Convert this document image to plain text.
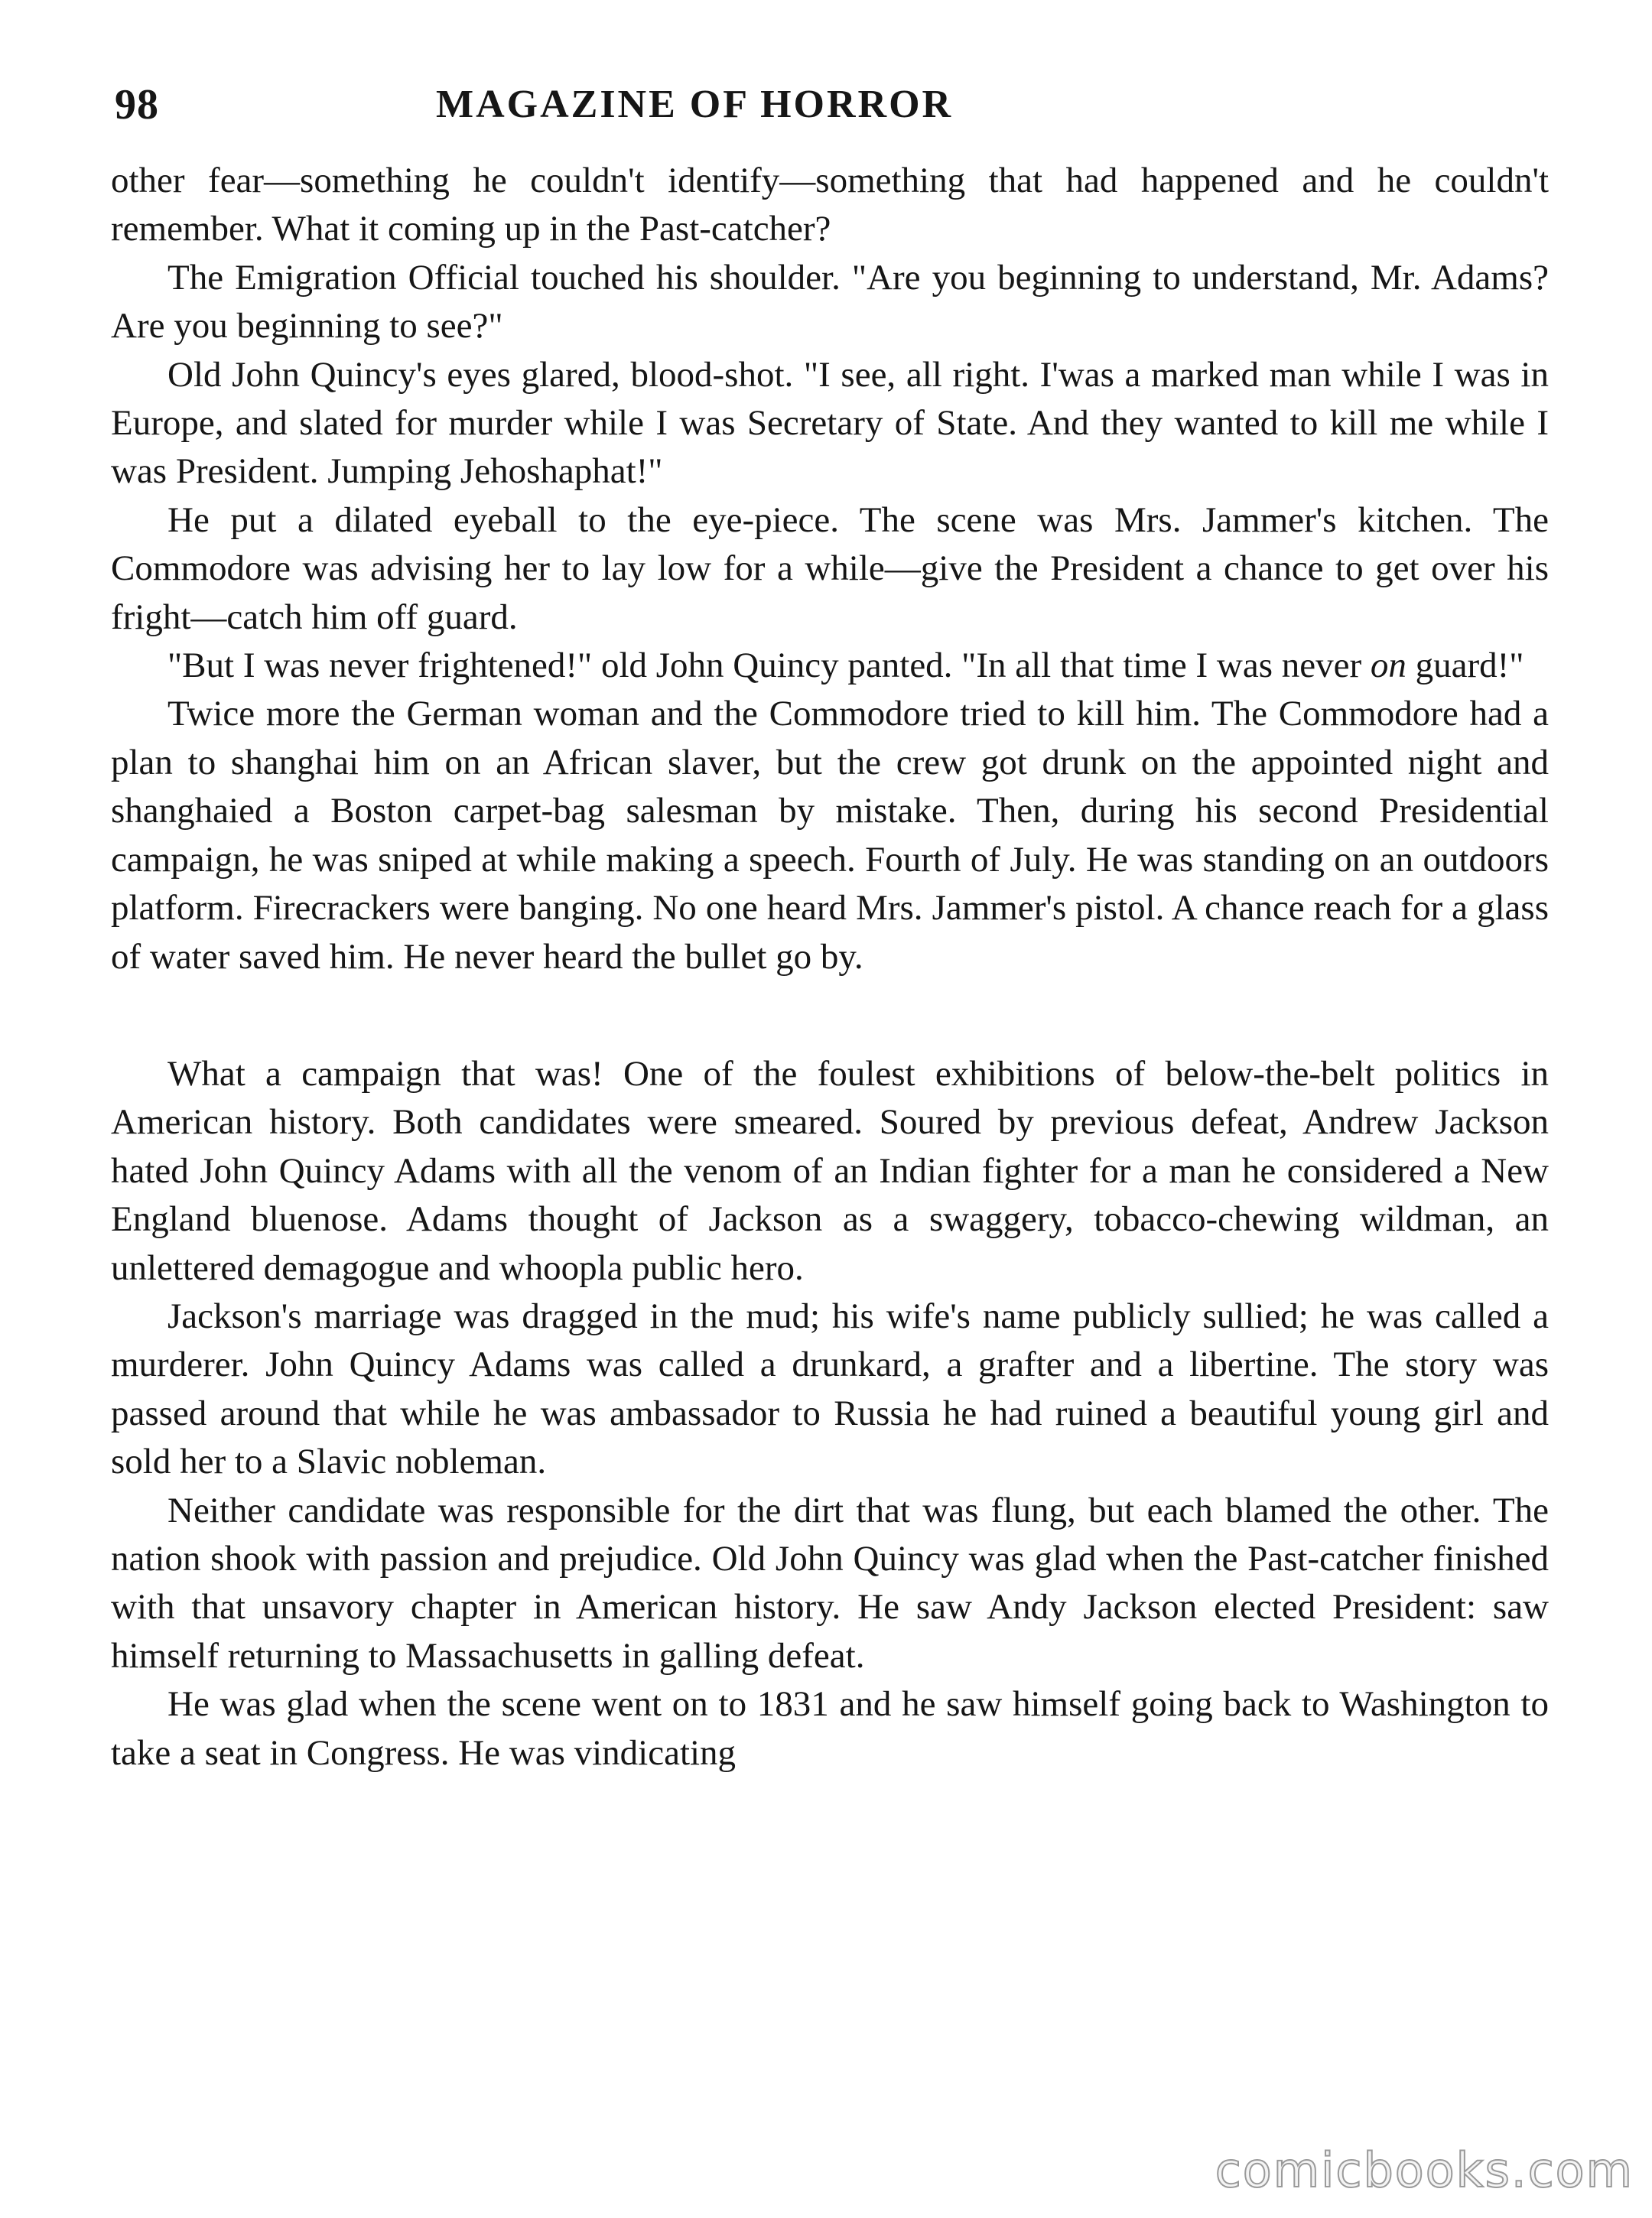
98	MAGAZINE OF HORROR

other fear—something he couldn't identify—something that had happened and he couldn't remember. What it coming up in the Past-catcher?

The Emigration Official touched his shoulder. "Are you beginning to understand, Mr. Adams? Are you beginning to see?"

Old John Quincy's eyes glared, blood-shot. "I see, all right. I'was a marked man while I was in Europe, and slated for murder while I was Secretary of State. And they wanted to kill me while I was President. Jumping Jehoshaphat!"

He put a dilated eyeball to the eye-piece. The scene was Mrs. Jammer's kitchen. The Commodore was advising her to lay low for a while—give the President a chance to get over his fright—catch him off guard.

"But I was never frightened!" old John Quincy panted. "In all that time I was never on guard!"

Twice more the German woman and the Commodore tried to kill him. The Commodore had a plan to shanghai him on an African slaver, but the crew got drunk on the appointed night and shanghaied a Boston carpet-bag salesman by mistake. Then, during his second Presidential campaign, he was sniped at while making a speech. Fourth of July. He was standing on an outdoors platform. Firecrackers were banging. No one heard Mrs. Jammer's pistol. A chance reach for a glass of water saved him. He never heard the bullet go by.

What a campaign that was! One of the foulest exhibitions of below-the-belt politics in American history. Both candidates were smeared. Soured by previous defeat, Andrew Jackson hated John Quincy Adams with all the venom of an Indian fighter for a man he considered a New England bluenose. Adams thought of Jackson as a swaggery, tobacco-chewing wildman, an unlettered demagogue and whoopla public hero.

Jackson's marriage was dragged in the mud; his wife's name publicly sullied; he was called a murderer. John Quincy Adams was called a drunkard, a grafter and a libertine. The story was passed around that while he was ambassador to Russia he had ruined a beautiful young girl and sold her to a Slavic nobleman.

Neither candidate was responsible for the dirt that was flung, but each blamed the other. The nation shook with passion and prejudice. Old John Quincy was glad when the Past-catcher finished with that unsavory chapter in American history. He saw Andy Jackson elected President: saw himself returning to Massachusetts in galling defeat.

He was glad when the scene went on to 1831 and he saw himself going back to Washington to take a seat in Congress. He was vindicating

comicbooks.com
